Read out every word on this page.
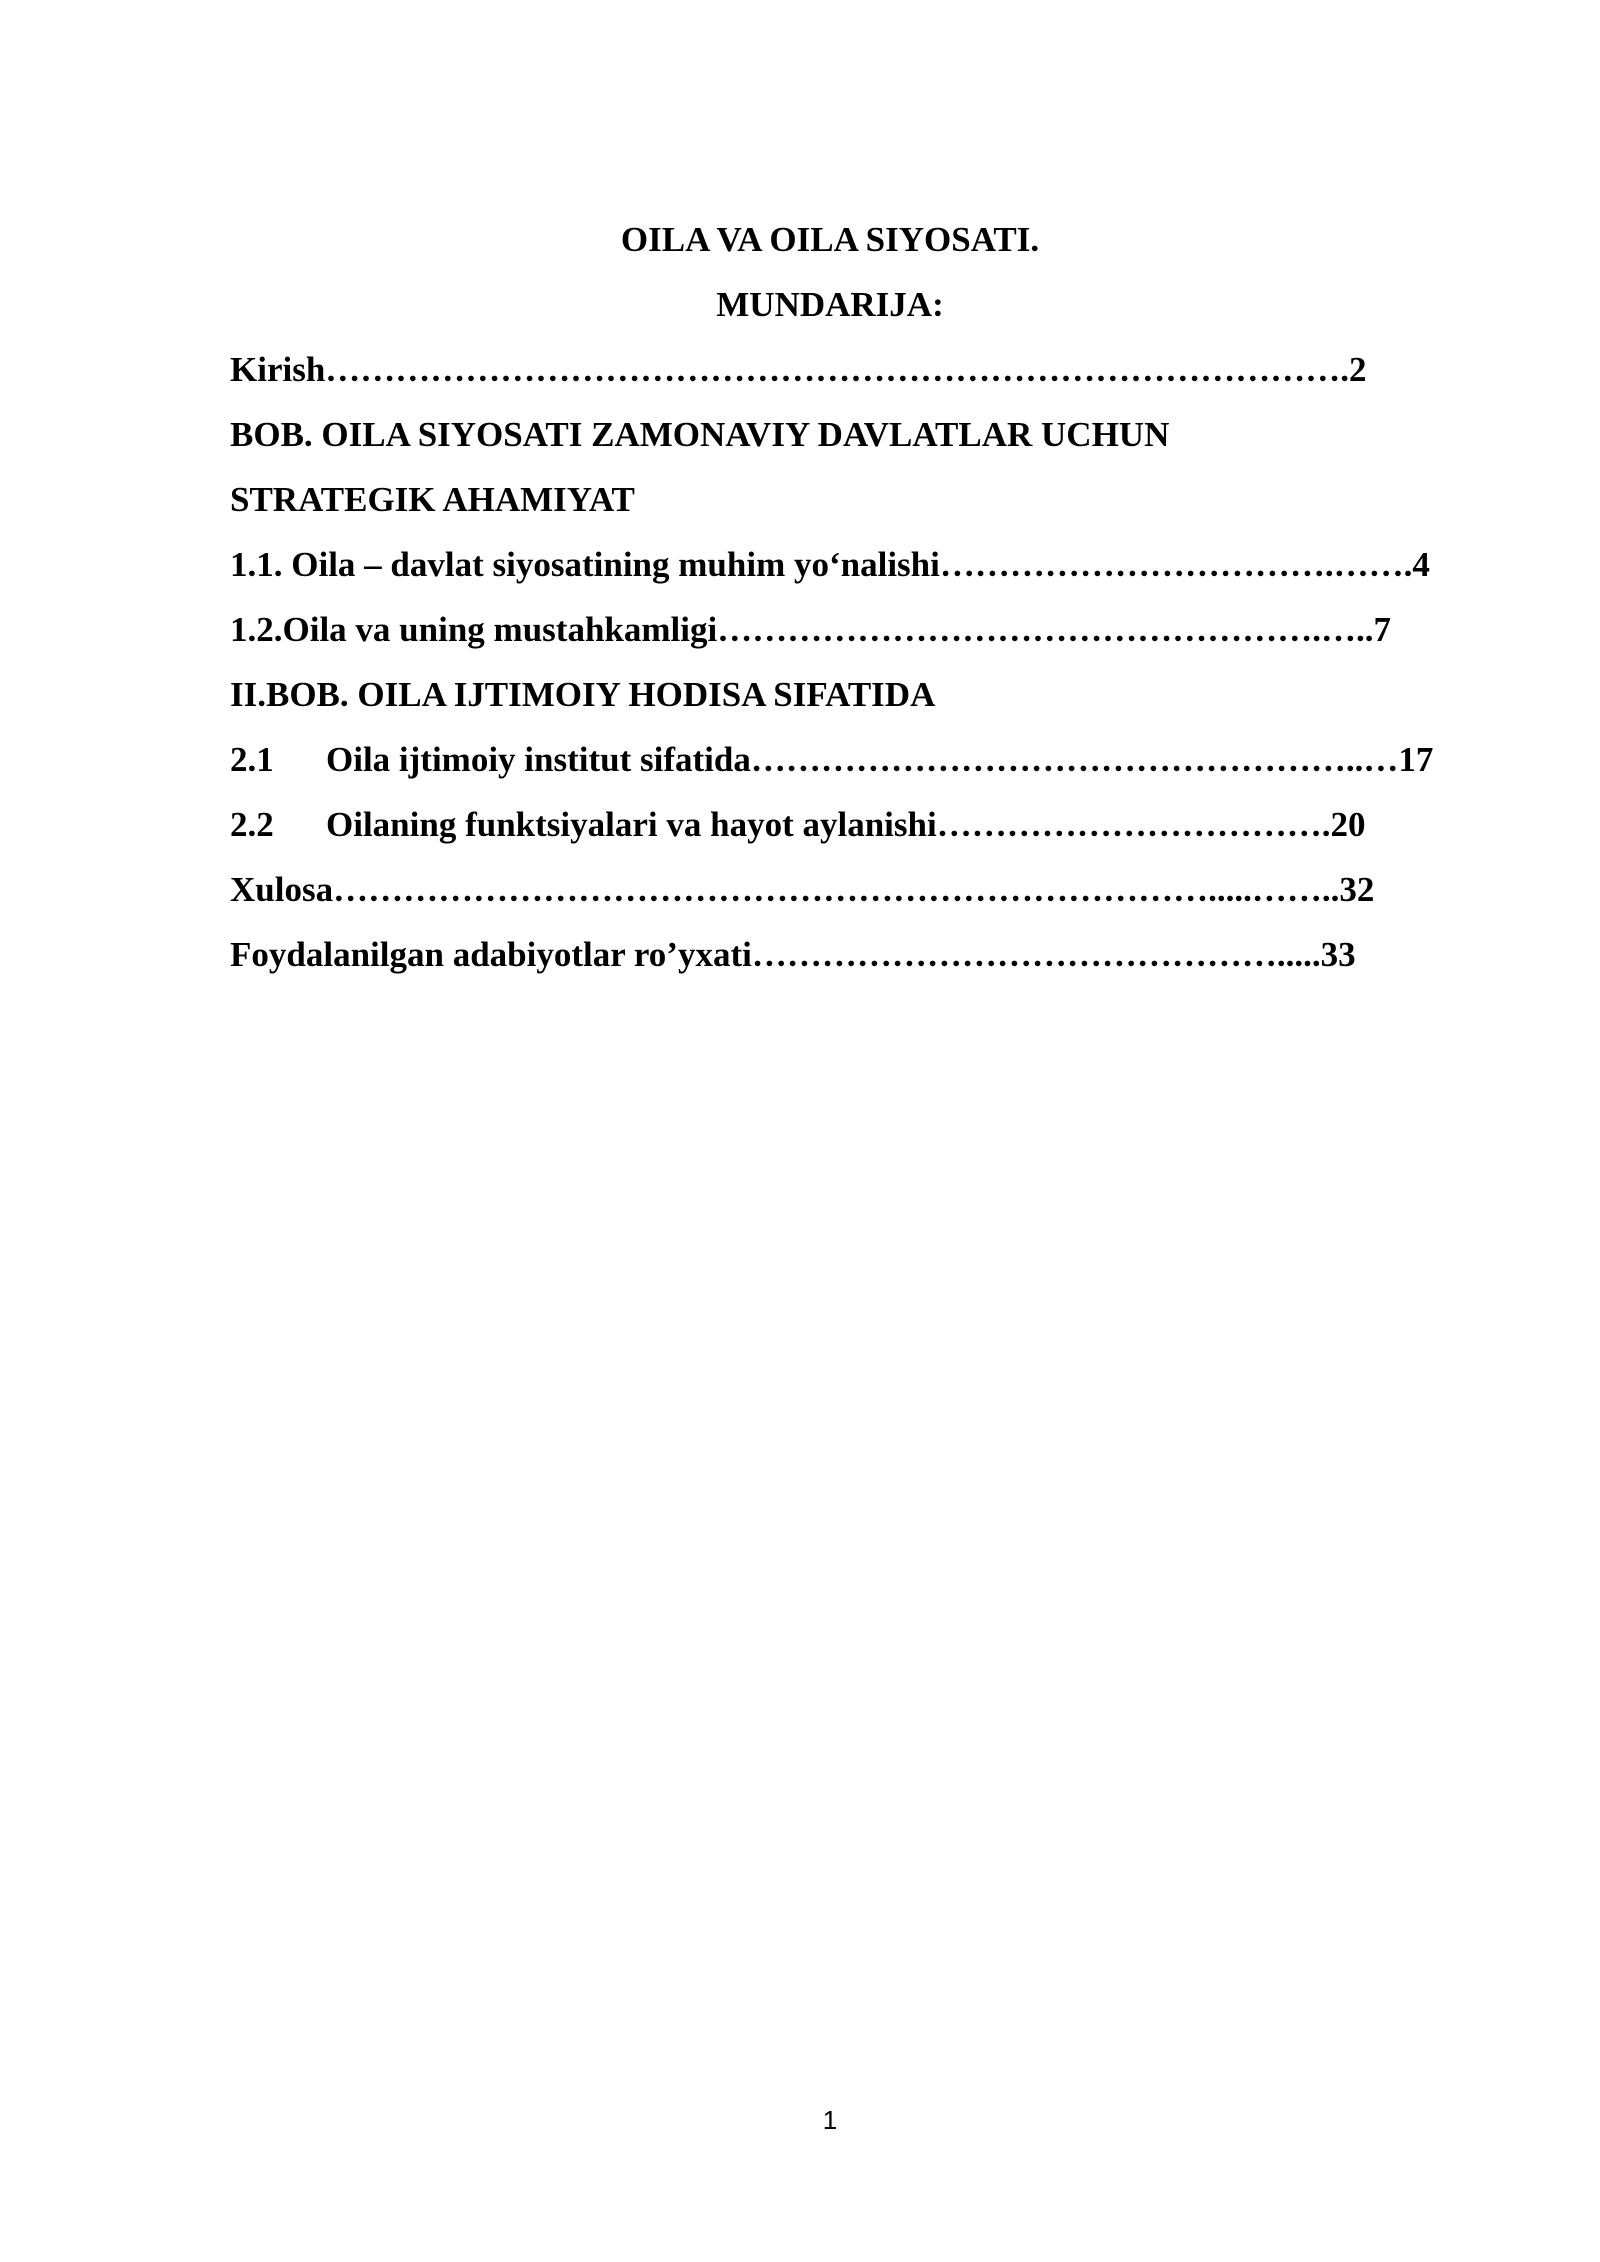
OILA VA OILA SIYOSATI.
MUNDARIJA:
Kirish…………………………………………………………………………….2
BOB. OILA SIYOSATI ZAMONAVIY DAVLATLAR UCHUN
STRATEGIK AHAMIYAT
1.1. Oila – davlat siyosatining muhim yo‘nalishi…………………………….…….4
1.2.Oila va uning mustahkamligi…………………………………………….…..7
II.BOB. OILA IJTIMOIY HODISA SIFATIDA
2.1 Oila ijtimoiy institut sifatida……………………………………………..…17
2.2 Oilaning funktsiyalari va hayot aylanishi…………………………….20
Xulosa………………………………………………………………….....……..32
Foydalanilgan adabiyotlar ro’yxati……………………………………….....33
1
